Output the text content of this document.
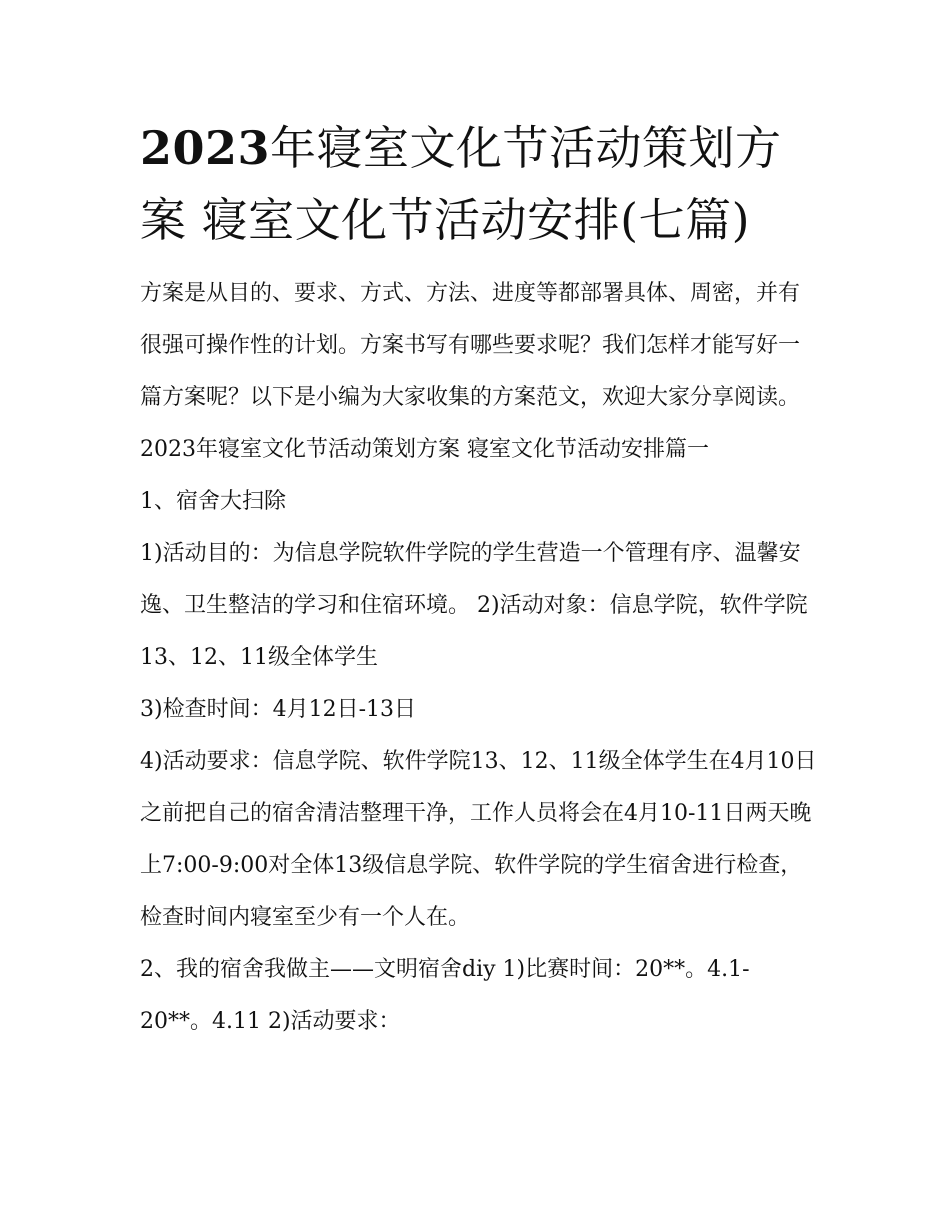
2023年寝室文化节活动策划方案 寝室文化节活动安排(七篇)

方案是从目的、要求、方式、方法、进度等都部署具体、周密，并有很强可操作性的计划。方案书写有哪些要求呢？我们怎样才能写好一篇方案呢？以下是小编为大家收集的方案范文，欢迎大家分享阅读。

2023年寝室文化节活动策划方案 寝室文化节活动安排篇一

1、宿舍大扫除

1)活动目的：为信息学院软件学院的学生营造一个管理有序、温馨安逸、卫生整洁的学习和住宿环境。 2)活动对象：信息学院，软件学院13、12、11级全体学生

3)检查时间：4月12日-13日

4)活动要求：信息学院、软件学院13、12、11级全体学生在4月10日之前把自己的宿舍清洁整理干净，工作人员将会在4月10-11日两天晚上7:00-9:00对全体13级信息学院、软件学院的学生宿舍进行检查，检查时间内寝室至少有一个人在。

2、我的宿舍我做主——文明宿舍diy 1)比赛时间：20**。4.1-20**。4.11 2)活动要求：
